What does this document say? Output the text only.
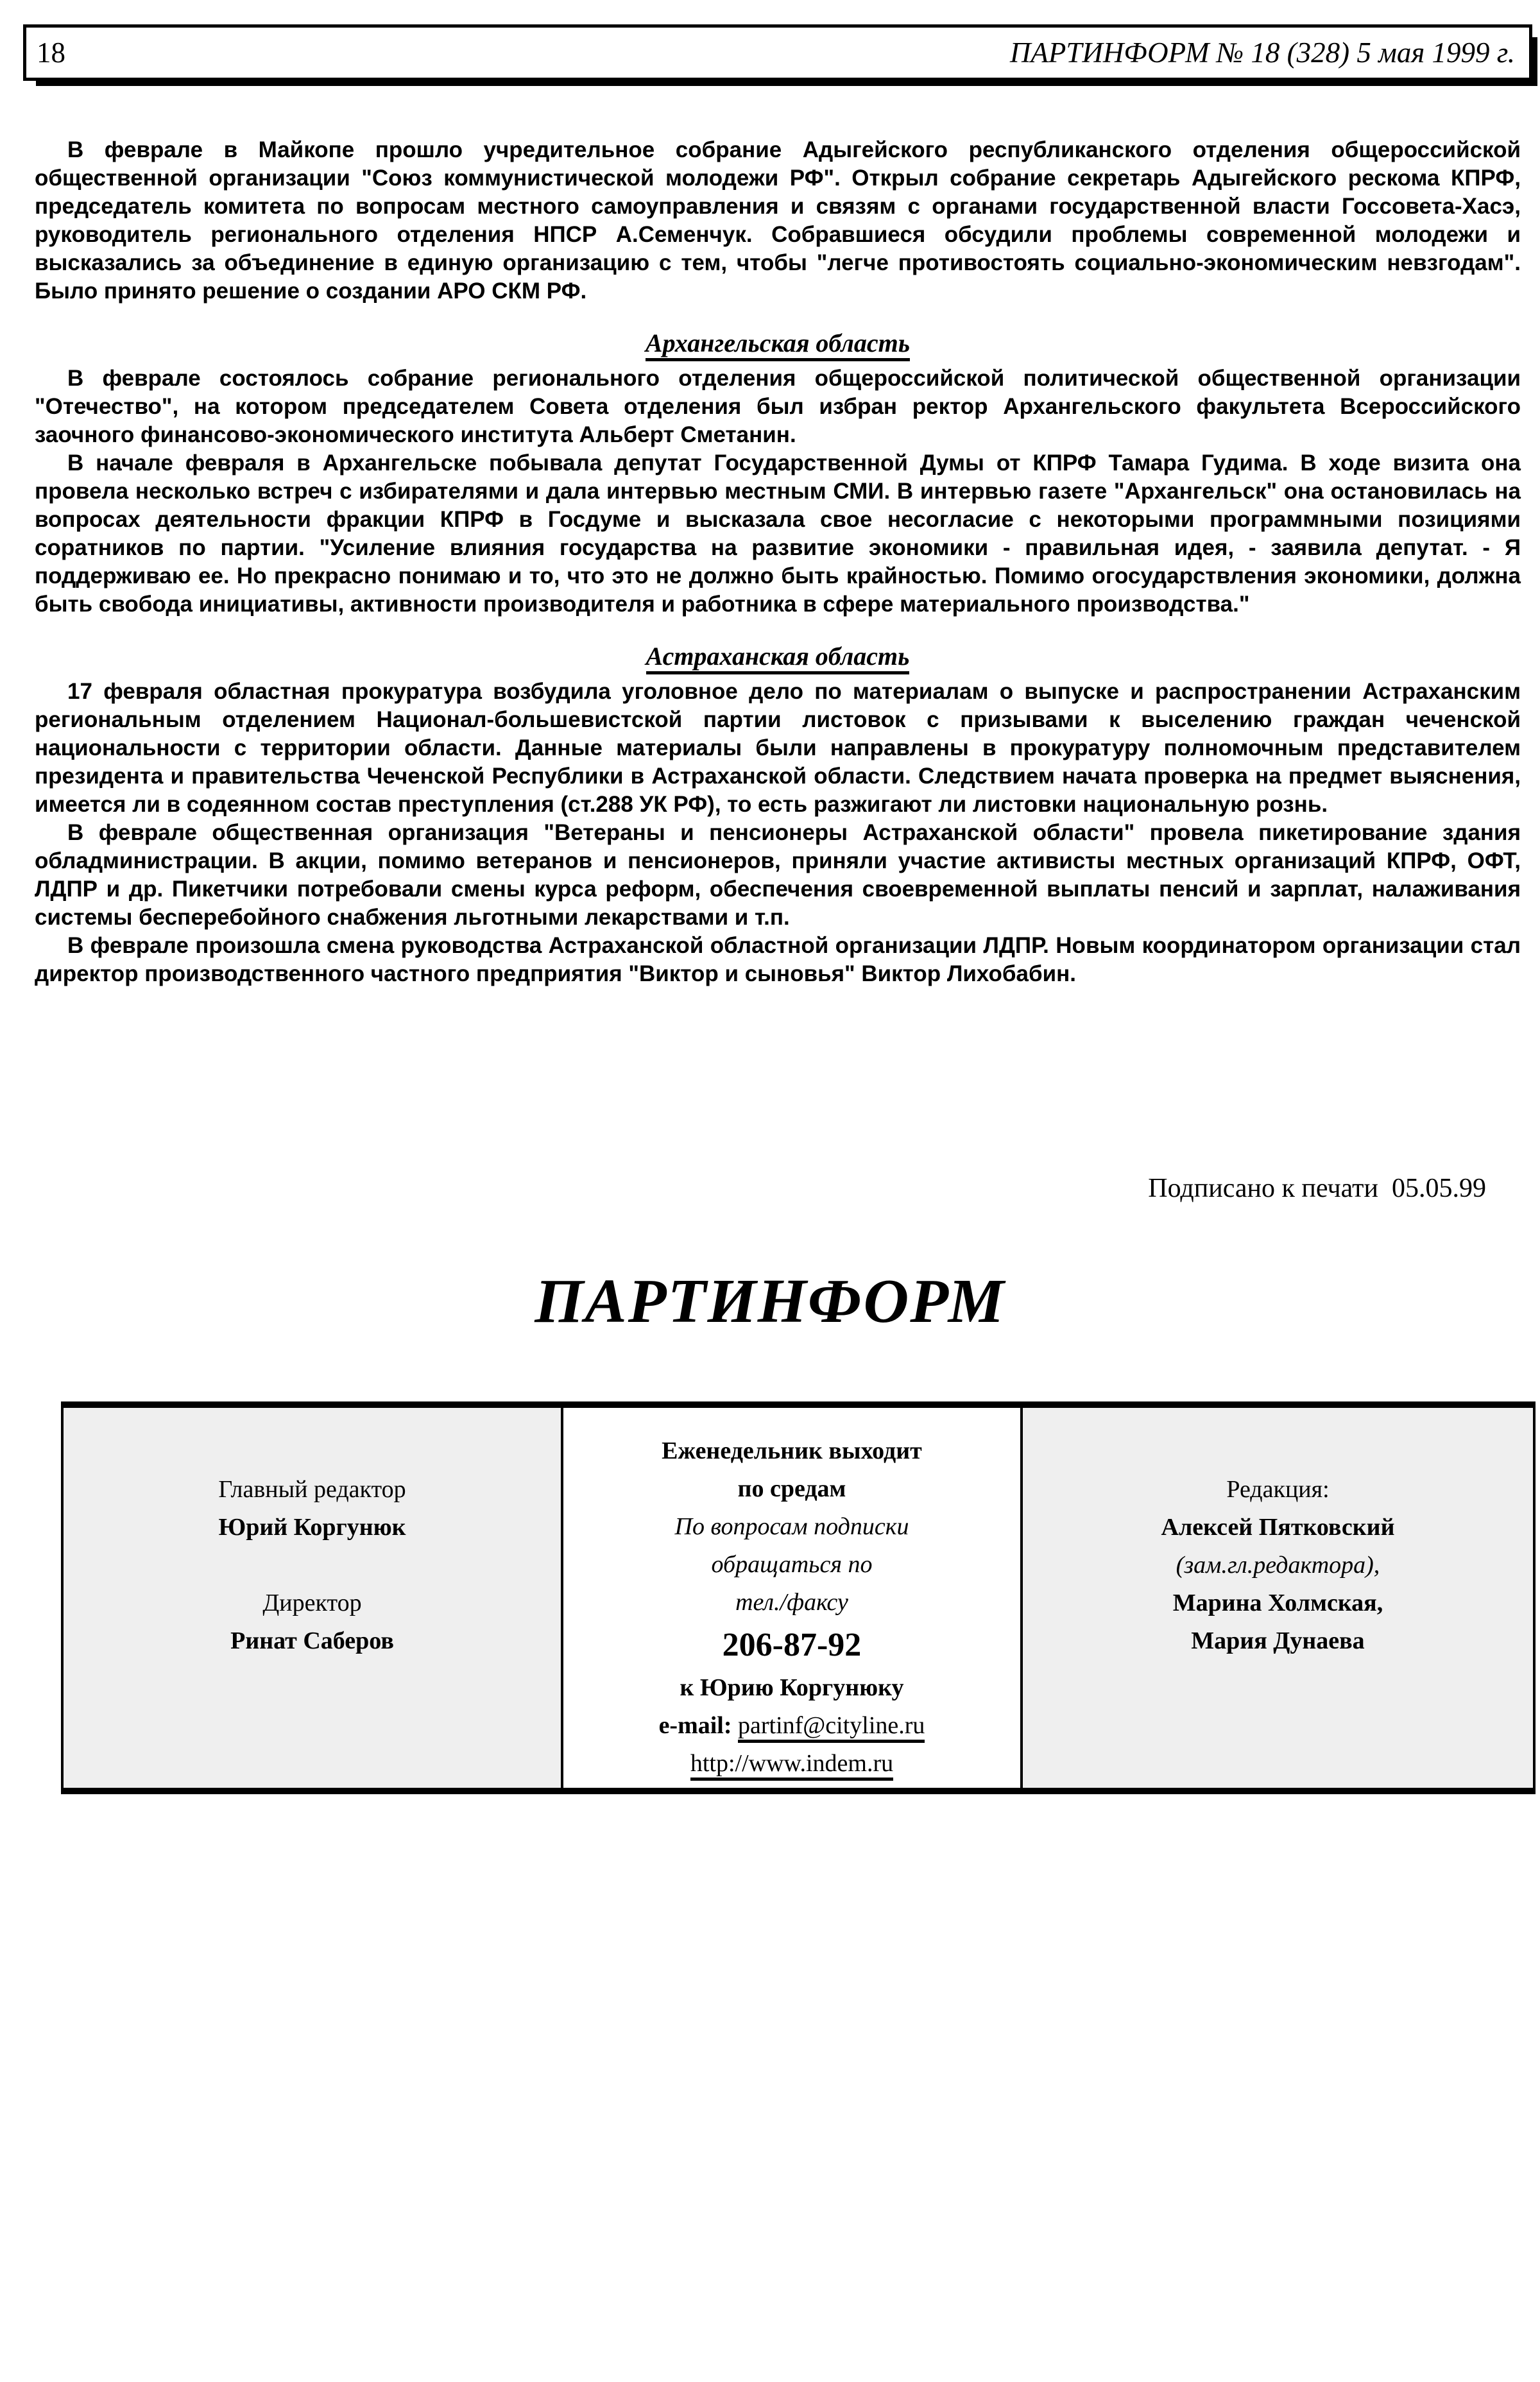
18	ПАРТИНФОРМ № 18 (328) 5 мая 1999 г.

В феврале в Майкопе прошло учредительное собрание Адыгейского республиканского отделения общероссийской общественной организации "Союз коммунистической молодежи РФ". Открыл собрание секретарь Адыгейского рескома КПРФ, председатель комитета по вопросам местного самоуправления и связям с органами государственной власти Госсовета-Хасэ, руководитель регионального отделения НПСР А.Семенчук. Собравшиеся обсудили проблемы современной молодежи и высказались за объединение в единую организацию с тем, чтобы "легче противостоять социально-экономическим невзгодам". Было принято решение о создании АРО СКМ РФ.

Архангельская область

В феврале состоялось собрание регионального отделения общероссийской политической общественной организации "Отечество", на котором председателем Совета отделения был избран ректор Архангельского факультета Всероссийского заочного финансово-экономического института Альберт Сметанин.

В начале февраля в Архангельске побывала депутат Государственной Думы от КПРФ Тамара Гудима. В ходе визита она провела несколько встреч с избирателями и дала интервью местным СМИ. В интервью газете "Архангельск" она остановилась на вопросах деятельности фракции КПРФ в Госдуме и высказала свое несогласие с некоторыми программными позициями соратников по партии. "Усиление влияния государства на развитие экономики - правильная идея, - заявила депутат. - Я поддерживаю ее. Но прекрасно понимаю и то, что это не должно быть крайностью. Помимо огосударствления экономики, должна быть свобода инициативы, активности производителя и работника в сфере материального производства."

Астраханская область

17 февраля областная прокуратура возбудила уголовное дело по материалам о выпуске и распространении Астраханским региональным отделением Национал-большевистской партии листовок с призывами к выселению граждан чеченской национальности с территории области. Данные материалы были направлены в прокуратуру полномочным представителем президента и правительства Чеченской Республики в Астраханской области. Следствием начата проверка на предмет выяснения, имеется ли в содеянном состав преступления (ст.288 УК РФ), то есть разжигают ли листовки национальную рознь.

В феврале общественная организация "Ветераны и пенсионеры Астраханской области" провела пикетирование здания обладминистрации. В акции, помимо ветеранов и пенсионеров, приняли участие активисты местных организаций КПРФ, ОФТ, ЛДПР и др. Пикетчики потребовали смены курса реформ, обеспечения своевременной выплаты пенсий и зарплат, налаживания системы бесперебойного снабжения льготными лекарствами и т.п.

В феврале произошла смена руководства Астраханской областной организации ЛДПР. Новым координатором организации стал директор производственного частного предприятия "Виктор и сыновья" Виктор Лихобабин.

Подписано к печати  05.05.99
ПАРТИНФОРМ
Главный редактор
Юрий Коргунюк

Директор
Ринат Саберов
Еженедельник выходит
по средам
По вопросам подписки
обращаться по
тел./факсу
206-87-92
к Юрию Коргунюку
e-mail: partinf@cityline.ru
http://www.indem.ru
Редакция:
Алексей Пятковский
(зам.гл.редактора),
Марина Холмская,
Мария Дунаева
